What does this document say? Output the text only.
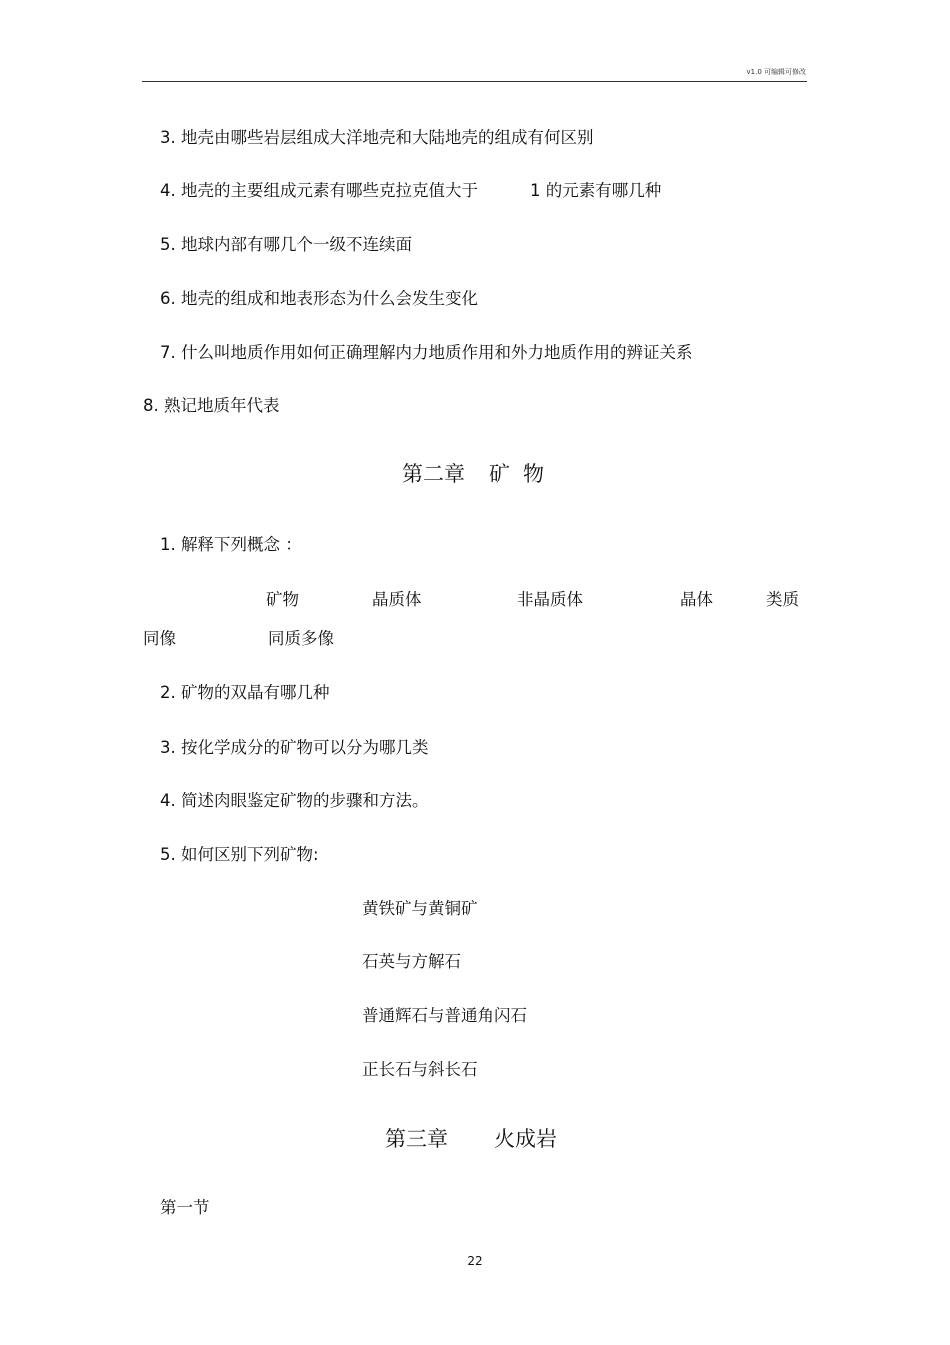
v1.0 可编辑可修改
3. 地壳由哪些岩层组成大洋地壳和大陆地壳的组成有何区别
4. 地壳的主要组成元素有哪些克拉克值大于	1 的元素有哪几种
5. 地球内部有哪几个一级不连续面
6. 地壳的组成和地表形态为什么会发生变化
7. 什么叫地质作用如何正确理解内力地质作用和外力地质作用的辨证关系
8. 熟记地质年代表
第二章 矿 物
1. 解释下列概念 ：
矿物	晶质体	非晶质体	晶体	类质
同像	同质多像
2. 矿物的双晶有哪几种
3. 按化学成分的矿物可以分为哪几类
4. 简述肉眼鉴定矿物的步骤和方法。
5. 如何区别下列矿物:
黄铁矿与黄铜矿
石英与方解石
普通辉石与普通角闪石
正长石与斜长石
第三章 火成岩
第一节
22
